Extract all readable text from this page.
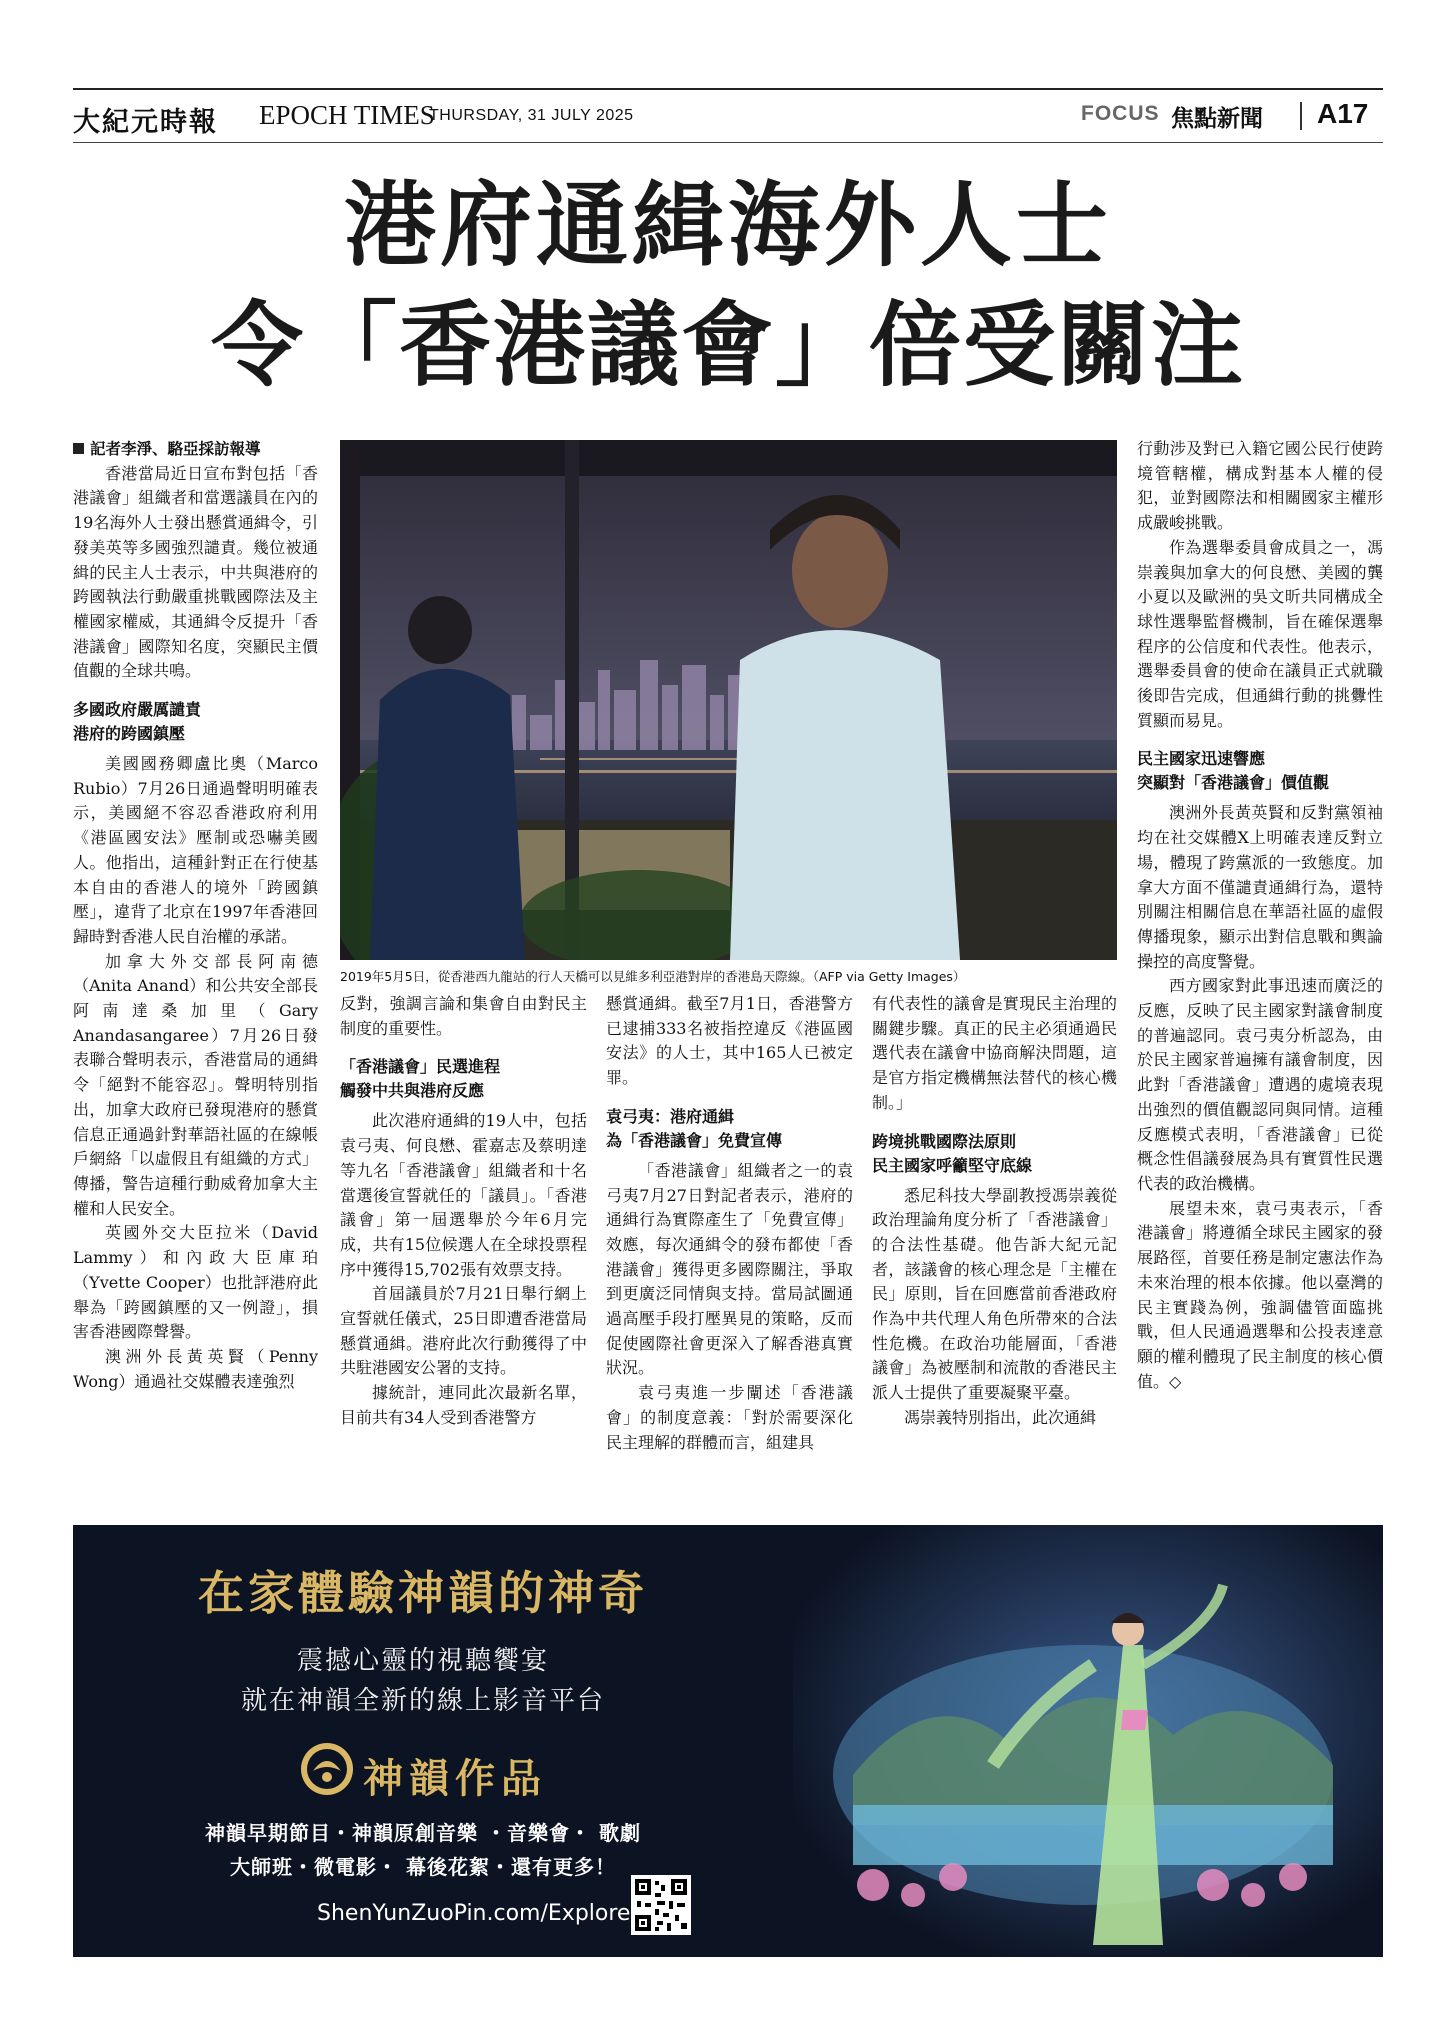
大紀元時報 EPOCH TIMES
THURSDAY, 31 JULY 2025	FOCUS 焦點新聞 A17
港府通緝海外人士
令「香港議會」倍受關注

記者李淨、駱亞採訪報導

香港當局近日宣布對包括「香港議會」組織者和當選議員在內的19名海外人士發出懸賞通緝令，引發美英等多國強烈譴責。幾位被通緝的民主人士表示，中共與港府的跨國執法行動嚴重挑戰國際法及主權國家權威，其通緝令反提升「香港議會」國際知名度，突顯民主價值觀的全球共鳴。

多國政府嚴厲譴責
港府的跨國鎮壓

美國國務卿盧比奧（Marco Rubio）7月26日通過聲明明確表示，美國絕不容忍香港政府利用《港區國安法》壓制或恐嚇美國人。他指出，這種針對正在行使基本自由的香港人的境外「跨國鎮壓」，違背了北京在1997年香港回歸時對香港人民自治權的承諾。

加拿大外交部長阿南德（Anita Anand）和公共安全部長阿南達桑加里（Gary Anandasangaree）7月26日發表聯合聲明表示，香港當局的通緝令「絕對不能容忍」。聲明特別指出，加拿大政府已發現港府的懸賞信息正通過針對華語社區的在線帳戶網絡「以虛假且有組織的方式」傳播，警告這種行動威脅加拿大主權和人民安全。

英國外交大臣拉米（David Lammy）和內政大臣庫珀（Yvette Cooper）也批評港府此舉為「跨國鎮壓的又一例證」，損害香港國際聲譽。

澳洲外長黃英賢（Penny Wong）通過社交媒體表達強烈

2019年5月5日，從香港西九龍站的行人天橋可以見維多利亞港對岸的香港島天際線。（AFP via Getty Images）

反對，強調言論和集會自由對民主制度的重要性。

「香港議會」民選進程
觸發中共與港府反應

此次港府通緝的19人中，包括袁弓夷、何良懋、霍嘉志及蔡明達等九名「香港議會」組織者和十名當選後宣誓就任的「議員」。「香港議會」第一屆選舉於今年6月完成，共有15位候選人在全球投票程序中獲得15,702張有效票支持。

首屆議員於7月21日舉行網上宣誓就任儀式，25日即遭香港當局懸賞通緝。港府此次行動獲得了中共駐港國安公署的支持。

據統計，連同此次最新名單，目前共有34人受到香港警方

懸賞通緝。截至7月1日，香港警方已逮捕333名被指控違反《港區國安法》的人士，其中165人已被定罪。

袁弓夷：港府通緝
為「香港議會」免費宣傳

「香港議會」組織者之一的袁弓夷7月27日對記者表示，港府的通緝行為實際產生了「免費宣傳」效應，每次通緝令的發布都使「香港議會」獲得更多國際關注，爭取到更廣泛同情與支持。當局試圖通過高壓手段打壓異見的策略，反而促使國際社會更深入了解香港真實狀況。

袁弓夷進一步闡述「香港議會」的制度意義：「對於需要深化民主理解的群體而言，組建具

有代表性的議會是實現民主治理的關鍵步驟。真正的民主必須通過民選代表在議會中協商解決問題，這是官方指定機構無法替代的核心機制。」

跨境挑戰國際法原則
民主國家呼籲堅守底線

悉尼科技大學副教授馮崇義從政治理論角度分析了「香港議會」的合法性基礎。他告訴大紀元記者，該議會的核心理念是「主權在民」原則，旨在回應當前香港政府作為中共代理人角色所帶來的合法性危機。在政治功能層面，「香港議會」為被壓制和流散的香港民主派人士提供了重要凝聚平臺。

馮崇義特別指出，此次通緝

行動涉及對已入籍它國公民行使跨境管轄權，構成對基本人權的侵犯，並對國際法和相關國家主權形成嚴峻挑戰。

作為選舉委員會成員之一，馮崇義與加拿大的何良懋、美國的龔小夏以及歐洲的吳文昕共同構成全球性選舉監督機制，旨在確保選舉程序的公信度和代表性。他表示，選舉委員會的使命在議員正式就職後即告完成，但通緝行動的挑釁性質顯而易見。

民主國家迅速響應
突顯對「香港議會」價值觀

澳洲外長黃英賢和反對黨領袖均在社交媒體X上明確表達反對立場，體現了跨黨派的一致態度。加拿大方面不僅譴責通緝行為，還特別關注相關信息在華語社區的虛假傳播現象，顯示出對信息戰和輿論操控的高度警覺。

西方國家對此事迅速而廣泛的反應，反映了民主國家對議會制度的普遍認同。袁弓夷分析認為，由於民主國家普遍擁有議會制度，因此對「香港議會」遭遇的處境表現出強烈的價值觀認同與同情。這種反應模式表明，「香港議會」已從概念性倡議發展為具有實質性民選代表的政治機構。

展望未來，袁弓夷表示，「香港議會」將遵循全球民主國家的發展路徑，首要任務是制定憲法作為未來治理的根本依據。他以臺灣的民主實踐為例，強調儘管面臨挑戰，但人民通過選舉和公投表達意願的權利體現了民主制度的核心價值。◇

在家體驗神韻的神奇
震撼心靈的視聽饗宴
就在神韻全新的線上影音平台
神韻作品
神韻早期節目・神韻原創音樂 ・音樂會・ 歌劇
大師班・微電影・ 幕後花絮・還有更多！
ShenYunZuoPin.com/Explore
